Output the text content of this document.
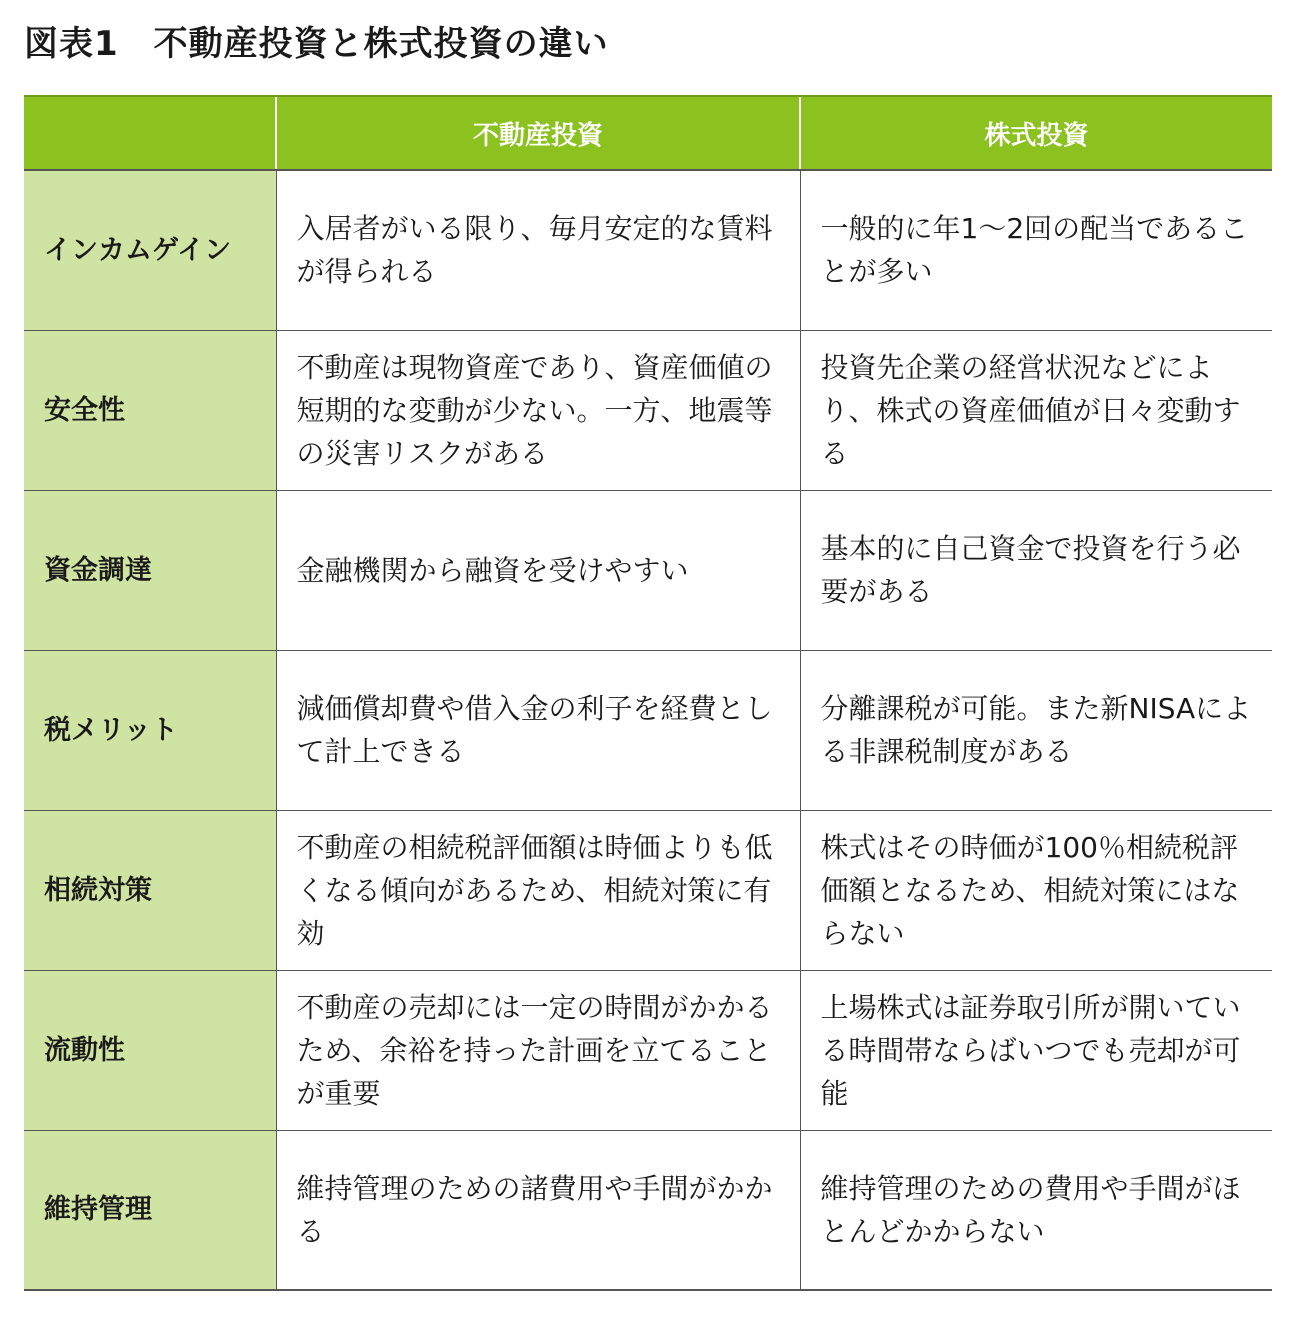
図表1　不動産投資と株式投資の違い
	不動産投資	株式投資
インカムゲイン	入居者がいる限り、毎月安定的な賃料が得られる	一般的に年1～2回の配当であることが多い
安全性	不動産は現物資産であり、資産価値の短期的な変動が少ない。一方、地震等の災害リスクがある	投資先企業の経営状況などにより、株式の資産価値が日々変動する
資金調達	金融機関から融資を受けやすい	基本的に自己資金で投資を行う必要がある
税メリット	減価償却費や借入金の利子を経費として計上できる	分離課税が可能。また新NISAによる非課税制度がある
相続対策	不動産の相続税評価額は時価よりも低くなる傾向があるため、相続対策に有効	株式はその時価が100％相続税評価額となるため、相続対策にはならない
流動性	不動産の売却には一定の時間がかかるため、余裕を持った計画を立てることが重要	上場株式は証券取引所が開いている時間帯ならばいつでも売却が可能
維持管理	維持管理のための諸費用や手間がかかる	維持管理のための費用や手間がほとんどかからない
